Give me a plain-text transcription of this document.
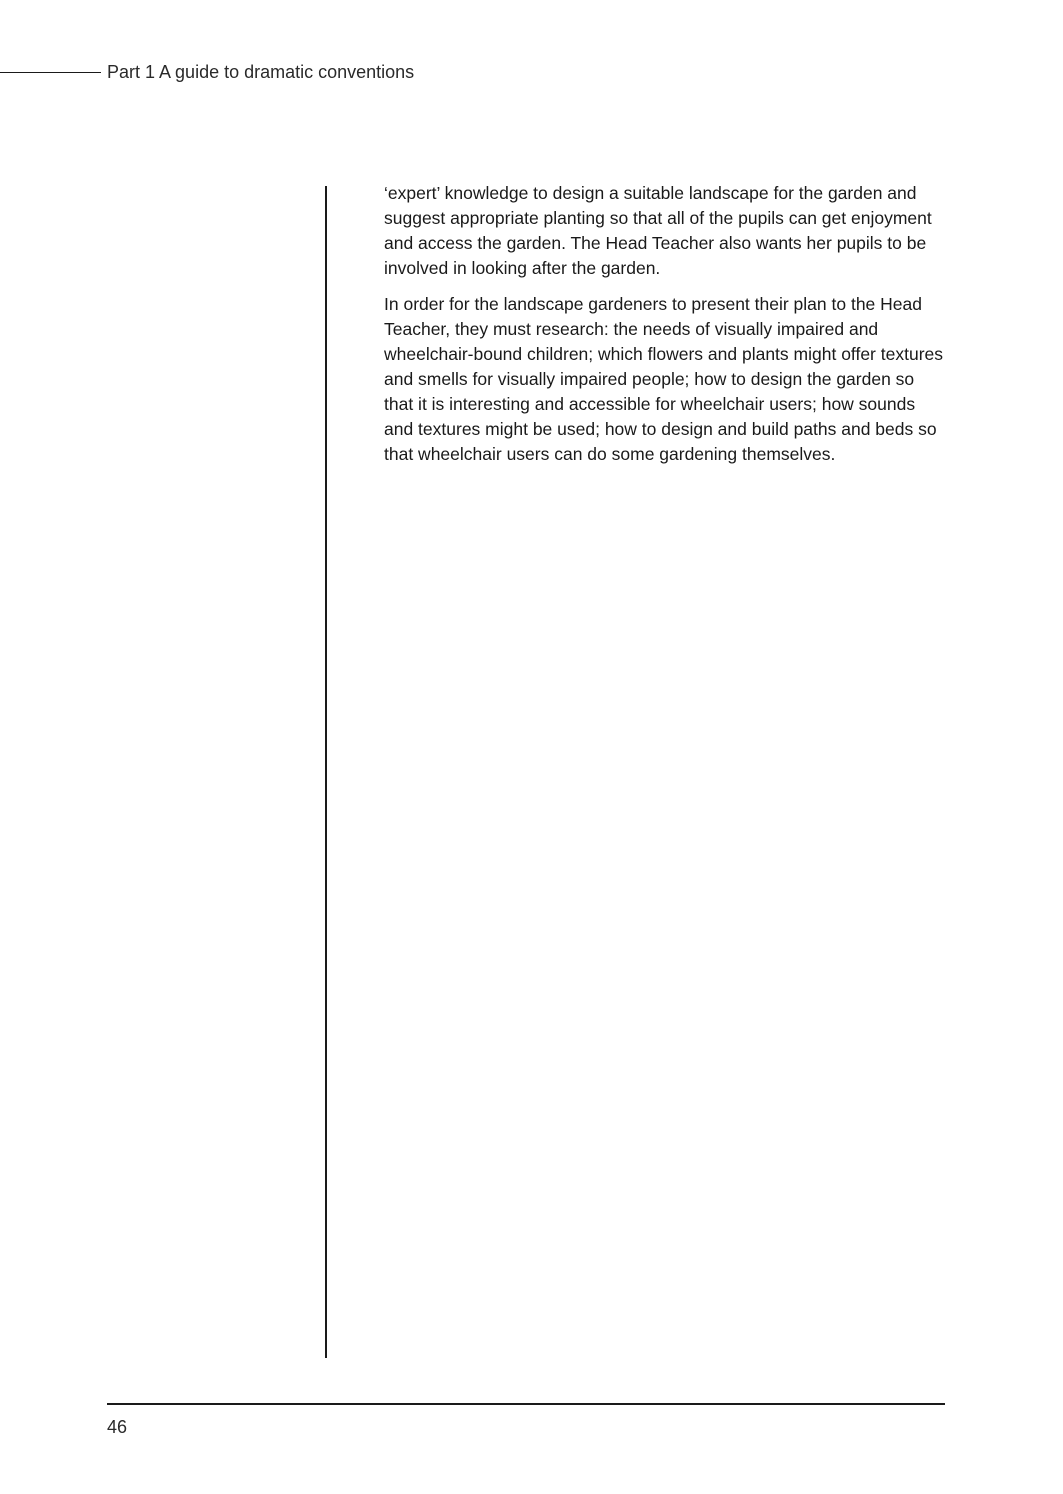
Part 1 A guide to dramatic conventions

‘expert’ knowledge to design a suitable landscape for the garden and suggest appropriate planting so that all of the pupils can get enjoyment and access the garden. The Head Teacher also wants her pupils to be involved in looking after the garden.

In order for the landscape gardeners to present their plan to the Head Teacher, they must research: the needs of visually impaired and wheelchair-bound children; which flowers and plants might offer textures and smells for visually impaired people; how to design the garden so that it is interesting and accessible for wheelchair users; how sounds and textures might be used; how to design and build paths and beds so that wheelchair users can do some gardening themselves.

46
